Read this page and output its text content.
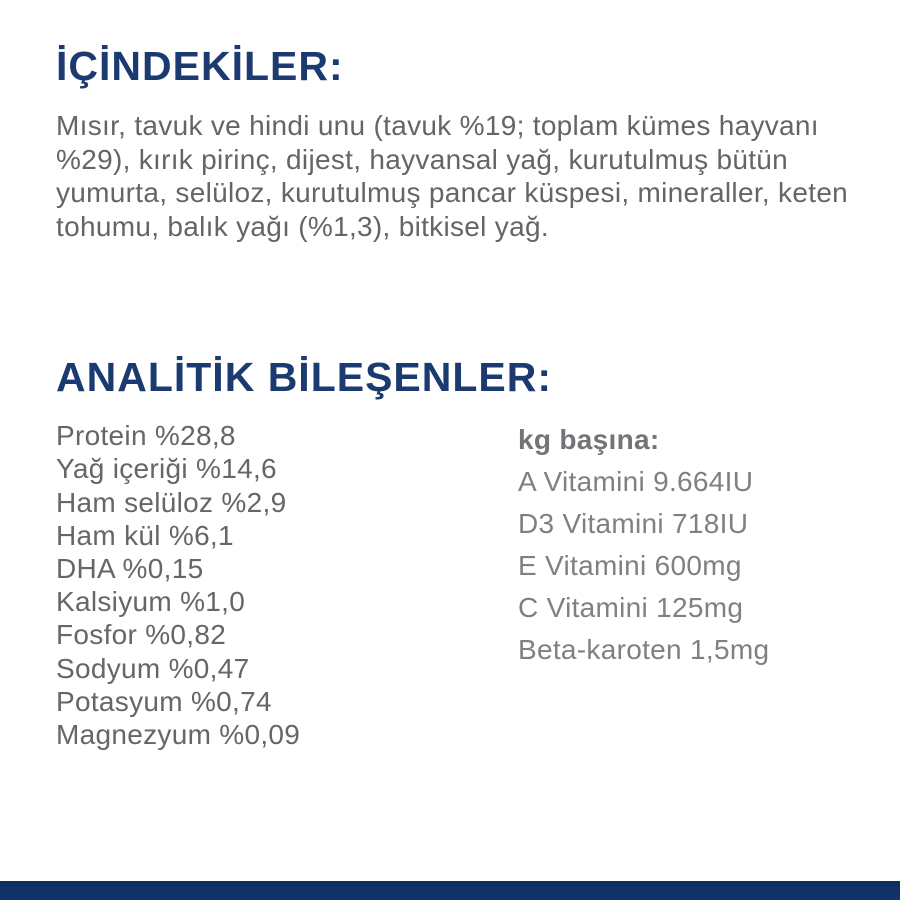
İÇİNDEKİLER:

Mısır, tavuk ve hindi unu (tavuk %19; toplam kümes hayvanı %29), kırık pirinç, dijest, hayvansal yağ, kurutulmuş bütün yumurta, selüloz, kurutulmuş pancar küspesi, mineraller, keten tohumu, balık yağı (%1,3), bitkisel yağ.

ANALİTİK BİLEŞENLER:
Protein %28,8
Yağ içeriği %14,6
Ham selüloz %2,9
Ham kül %6,1
DHA %0,15
Kalsiyum %1,0
Fosfor %0,82
Sodyum %0,47
Potasyum %0,74
Magnezyum %0,09
kg başına:
A Vitamini 9.664IU
D3 Vitamini 718IU
E Vitamini 600mg
C Vitamini 125mg
Beta-karoten 1,5mg
